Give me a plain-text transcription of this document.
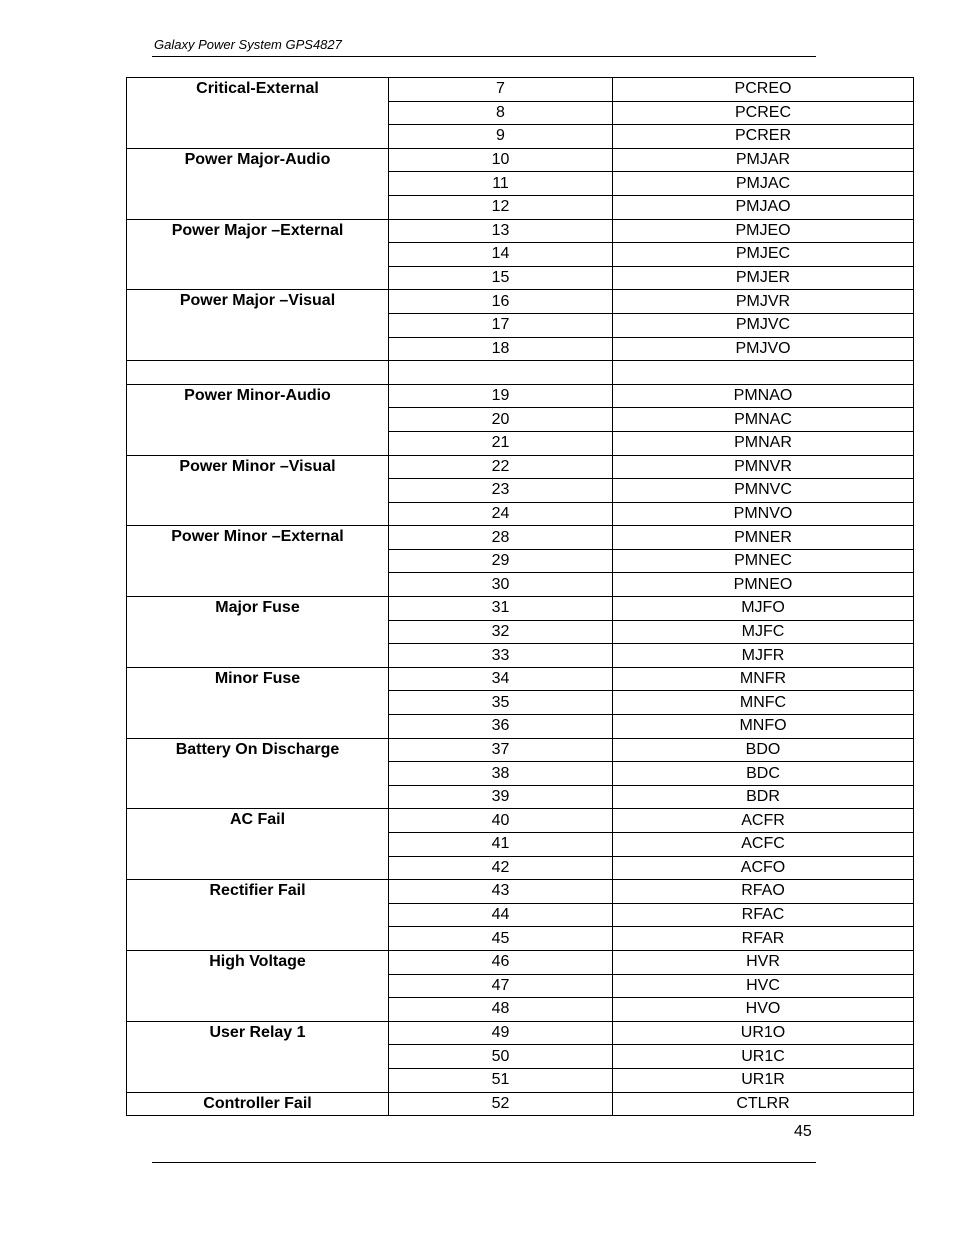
Galaxy Power System GPS4827
Critical-External	7	PCREO
	8	PCREC
	9	PCRER
Power Major-Audio	10	PMJAR
	11	PMJAC
	12	PMJAO
Power Major –External	13	PMJEO
	14	PMJEC
	15	PMJER
Power Major –Visual	16	PMJVR
	17	PMJVC
	18	PMJVO

Power Minor-Audio	19	PMNAO
	20	PMNAC
	21	PMNAR
Power Minor –Visual	22	PMNVR
	23	PMNVC
	24	PMNVO
Power Minor –External	28	PMNER
	29	PMNEC
	30	PMNEO
Major Fuse	31	MJFO
	32	MJFC
	33	MJFR
Minor Fuse	34	MNFR
	35	MNFC
	36	MNFO
Battery On Discharge	37	BDO
	38	BDC
	39	BDR
AC Fail	40	ACFR
	41	ACFC
	42	ACFO
Rectifier Fail	43	RFAO
	44	RFAC
	45	RFAR
High Voltage	46	HVR
	47	HVC
	48	HVO
User Relay 1	49	UR1O
	50	UR1C
	51	UR1R
Controller Fail	52	CTLRR
45
